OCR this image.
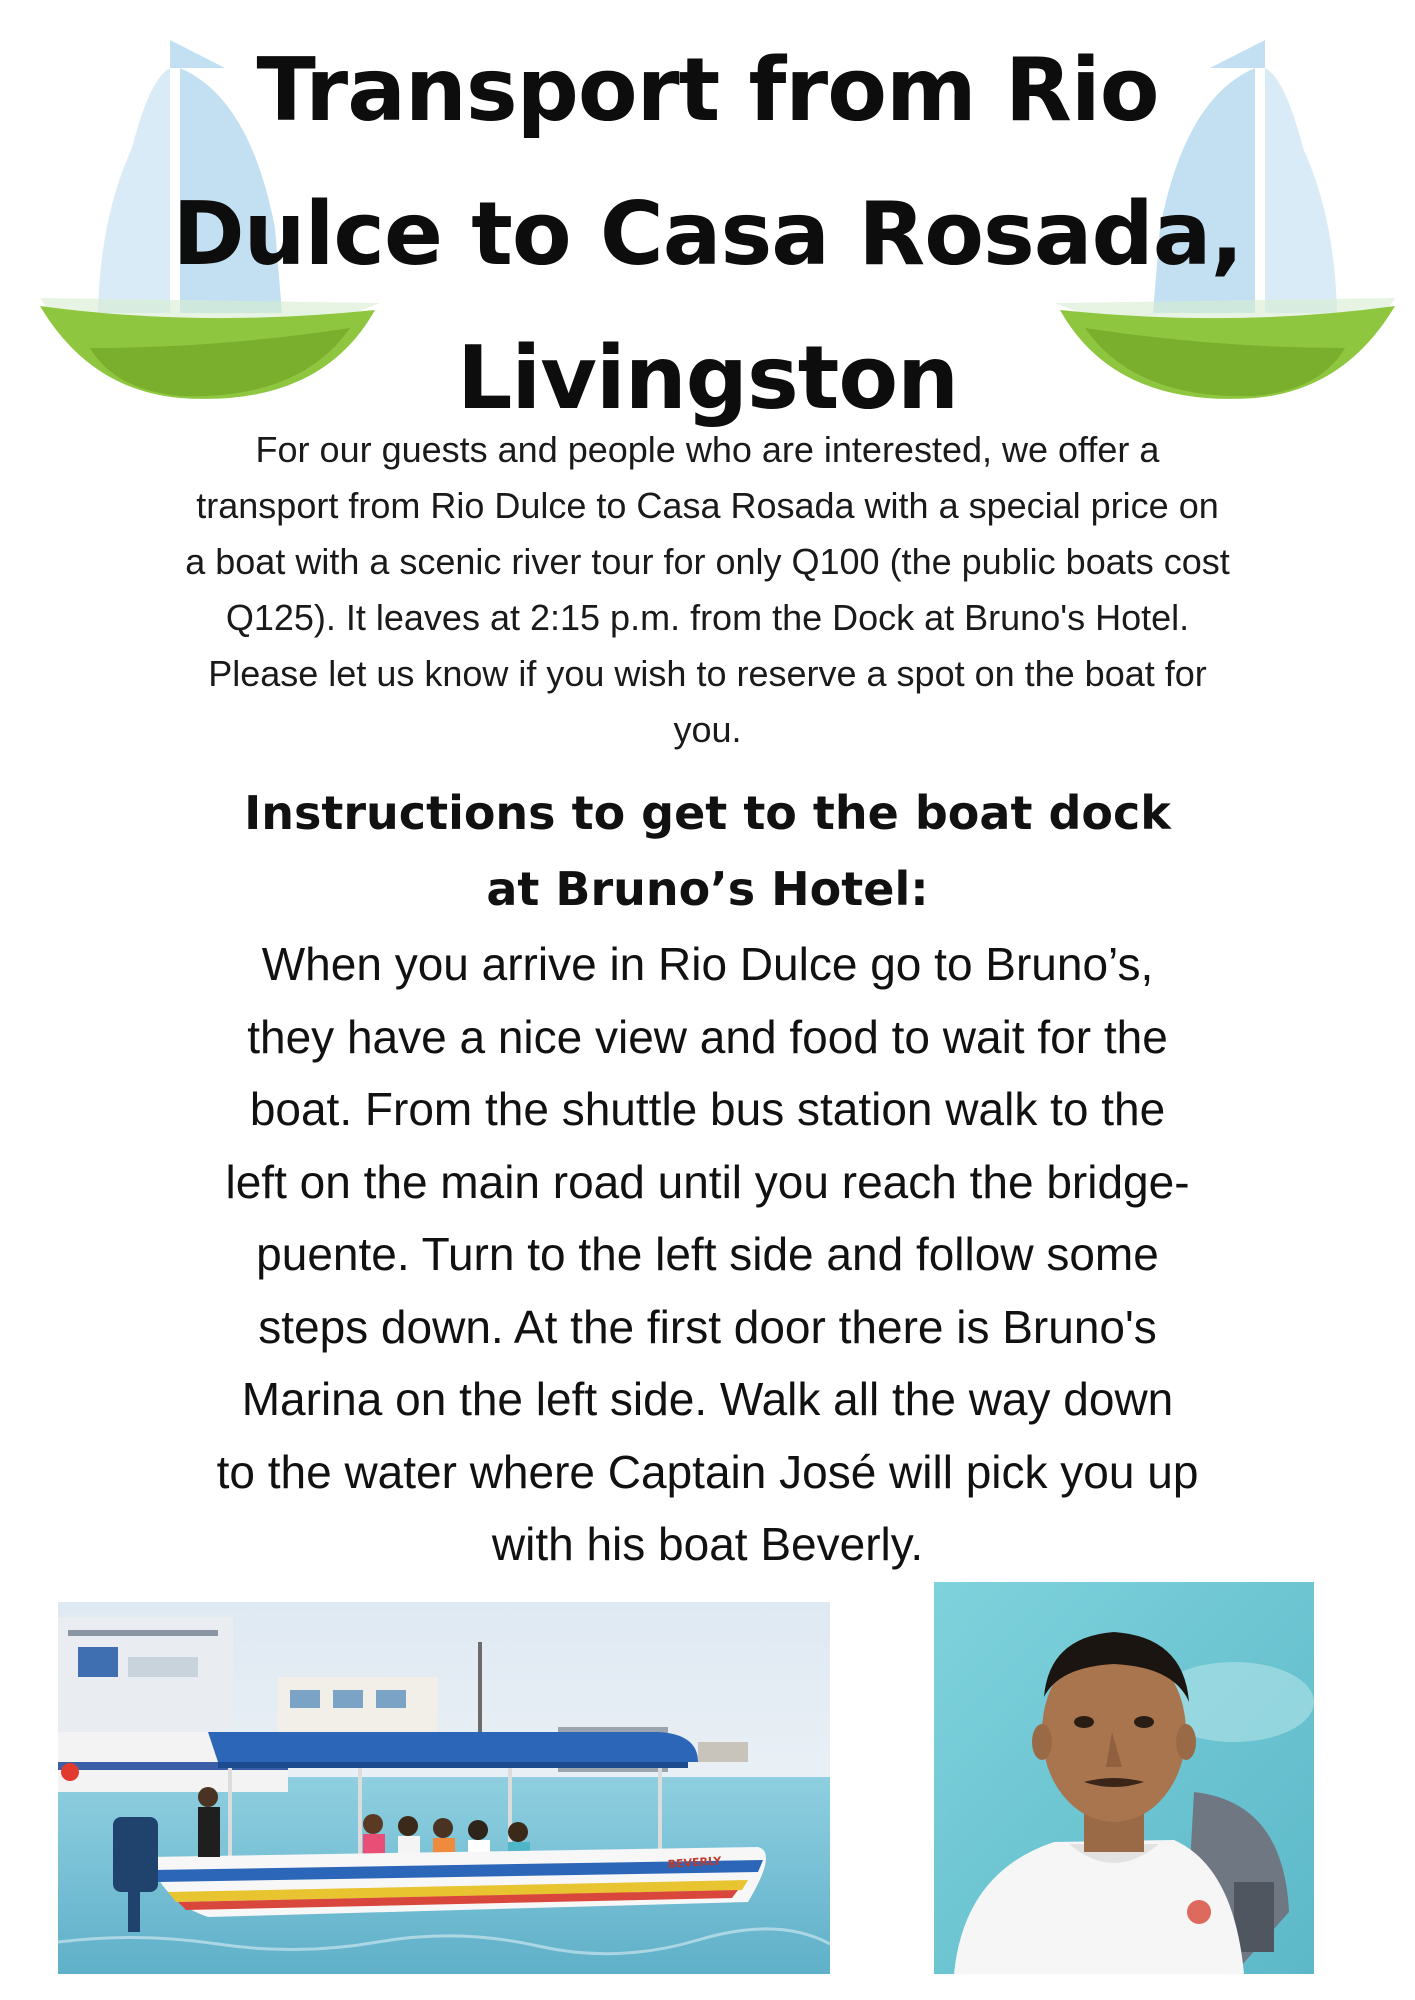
Transport from Rio
Dulce to Casa Rosada,
Livingston

For our guests and people who are interested, we offer a
transport from Rio Dulce to Casa Rosada with a special price on
a boat with a scenic river tour for only Q100 (the public boats cost
Q125). It leaves at 2:15 p.m. from the Dock at Bruno's Hotel.
Please let us know if you wish to reserve a spot on the boat for
you.

Instructions to get to the boat dock
at Bruno’s Hotel:

When you arrive in Rio Dulce go to Bruno’s,
they have a nice view and food to wait for the
boat. From the shuttle bus station walk to the
left on the main road until you reach the bridge-
puente. Turn to the left side and follow some
steps down. At the first door there is Bruno's
Marina on the left side. Walk all the way down
to the water where Captain José will pick you up
with his boat Beverly.

BEVERLY
